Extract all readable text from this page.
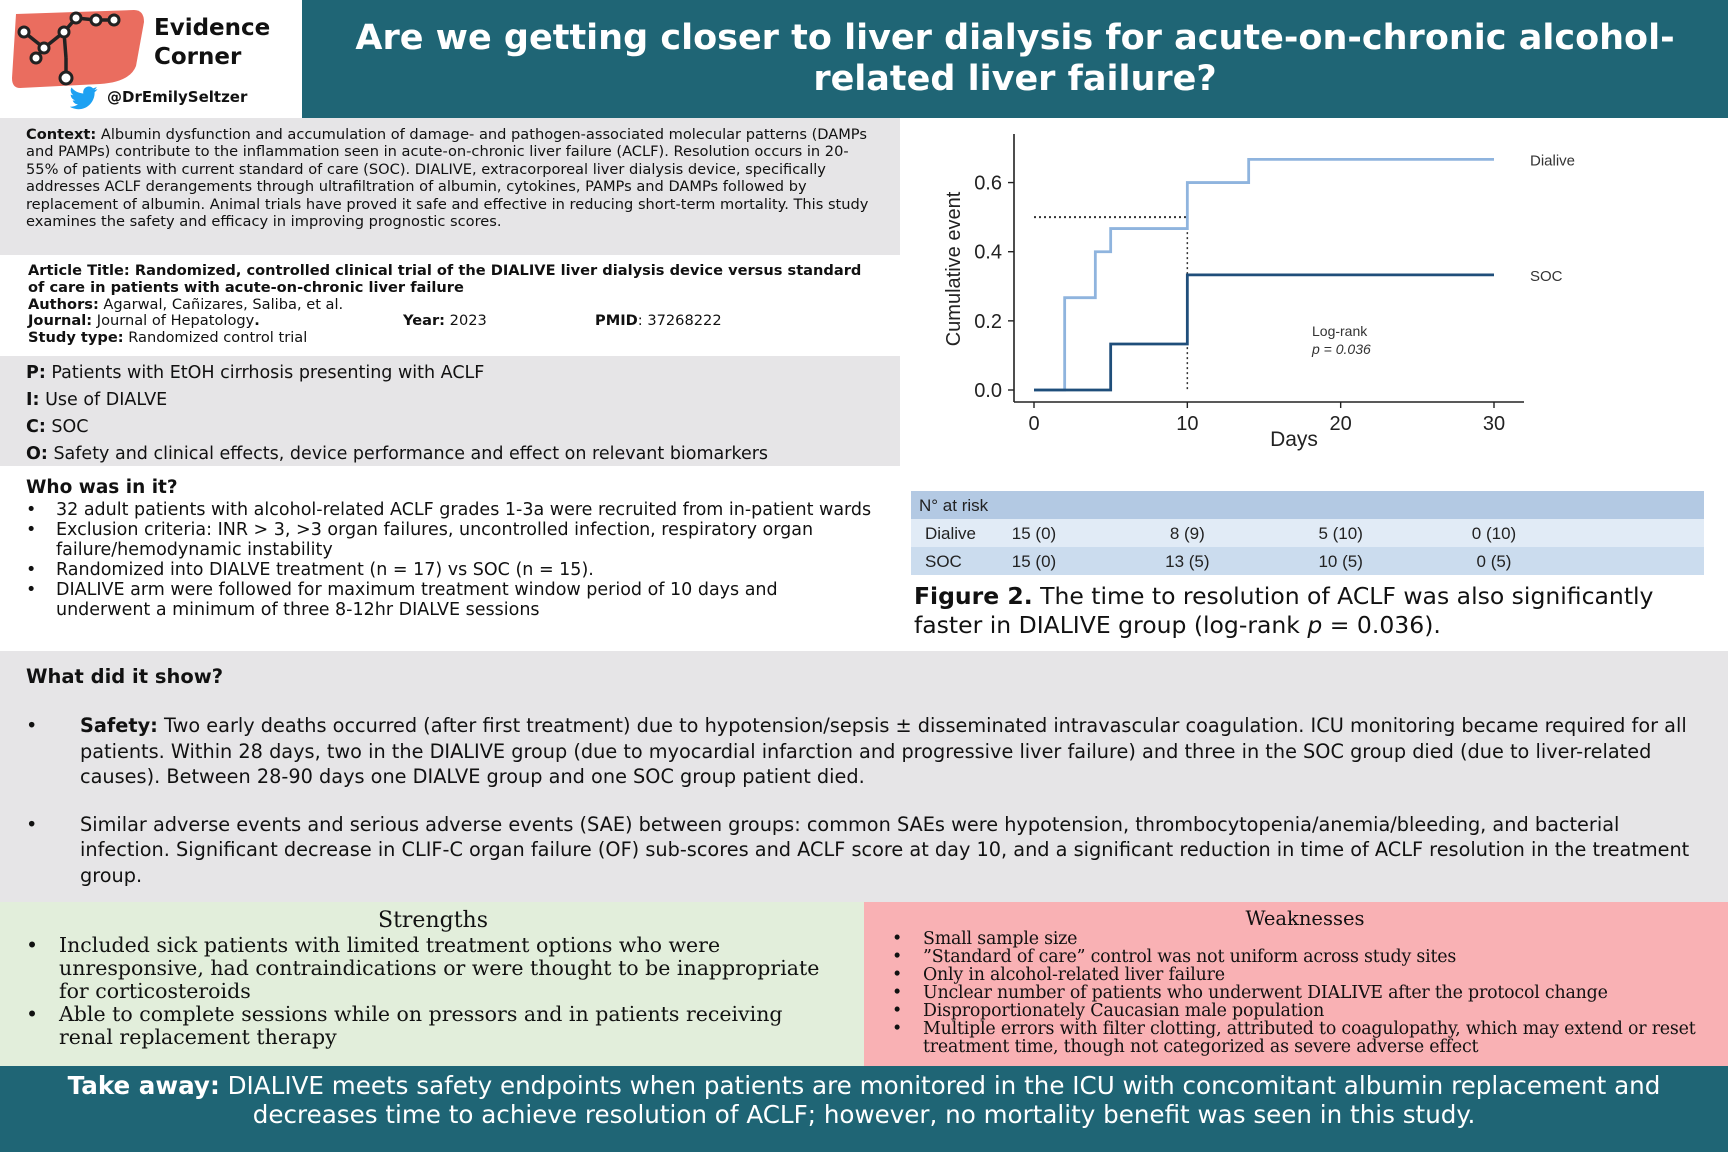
Evidence
Corner
@DrEmilySeltzer
Are we getting closer to liver dialysis for acute-on-chronic alcohol-related liver failure?
Context: Albumin dysfunction and accumulation of damage- and pathogen-associated molecular patterns (DAMPs and PAMPs) contribute to the inflammation seen in acute-on-chronic liver failure (ACLF). Resolution occurs in 20-55% of patients with current standard of care (SOC). DIALIVE, extracorporeal liver dialysis device, specifically addresses ACLF derangements through ultrafiltration of albumin, cytokines, PAMPs and DAMPs followed by replacement of albumin. Animal trials have proved it safe and effective in reducing short-term mortality. This study examines the safety and efficacy in improving prognostic scores.
Article Title: Randomized, controlled clinical trial of the DIALIVE liver dialysis device versus standard of care in patients with acute-on-chronic liver failure
Authors: Agarwal, Cañizares, Saliba, et al.
Journal: Journal of Hepatology.	Year: 2023	PMID: 37268222
Study type: Randomized control trial
P: Patients with EtOH cirrhosis presenting with ACLF
I: Use of DIALVE
C: SOC
O: Safety and clinical effects, device performance and effect on relevant biomarkers
Who was in it?
• 32 adult patients with alcohol-related ACLF grades 1-3a were recruited from in-patient wards
• Exclusion criteria: INR > 3, >3 organ failures, uncontrolled infection, respiratory organ failure/hemodynamic instability
• Randomized into DIALVE treatment (n = 17) vs SOC (n = 15).
• DIALIVE arm were followed for maximum treatment window period of 10 days and underwent a minimum of three 8-12hr DIALVE sessions
0.0
0.2
0.4
0.6
0	10	20	30
Days
Cumulative event
Dialive
SOC
Log-rank
p = 0.036
N° at risk
Dialive 15 (0)	8 (9)	5 (10)	0 (10)
SOC	15 (0)	13 (5)	10 (5)	0 (5)
Figure 2. The time to resolution of ACLF was also significantly faster in DIALIVE group (log-rank p = 0.036).
What did it show?
• Safety: Two early deaths occurred (after first treatment) due to hypotension/sepsis ± disseminated intravascular coagulation. ICU monitoring became required for all patients. Within 28 days, two in the DIALIVE group (due to myocardial infarction and progressive liver failure) and three in the SOC group died (due to liver-related causes). Between 28-90 days one DIALVE group and one SOC group patient died.
• Similar adverse events and serious adverse events (SAE) between groups: common SAEs were hypotension, thrombocytopenia/anemia/bleeding, and bacterial infection. Significant decrease in CLIF-C organ failure (OF) sub-scores and ACLF score at day 10, and a significant reduction in time of ACLF resolution in the treatment group.
Strengths
• Included sick patients with limited treatment options who were unresponsive, had contraindications or were thought to be inappropriate for corticosteroids
• Able to complete sessions while on pressors and in patients receiving renal replacement therapy
Weaknesses
• Small sample size
• ”Standard of care” control was not uniform across study sites
• Only in alcohol-related liver failure
• Unclear number of patients who underwent DIALIVE after the protocol change
• Disproportionately Caucasian male population
• Multiple errors with filter clotting, attributed to coagulopathy, which may extend or reset treatment time, though not categorized as severe adverse effect
Take away: DIALIVE meets safety endpoints when patients are monitored in the ICU with concomitant albumin replacement and decreases time to achieve resolution of ACLF; however, no mortality benefit was seen in this study.
